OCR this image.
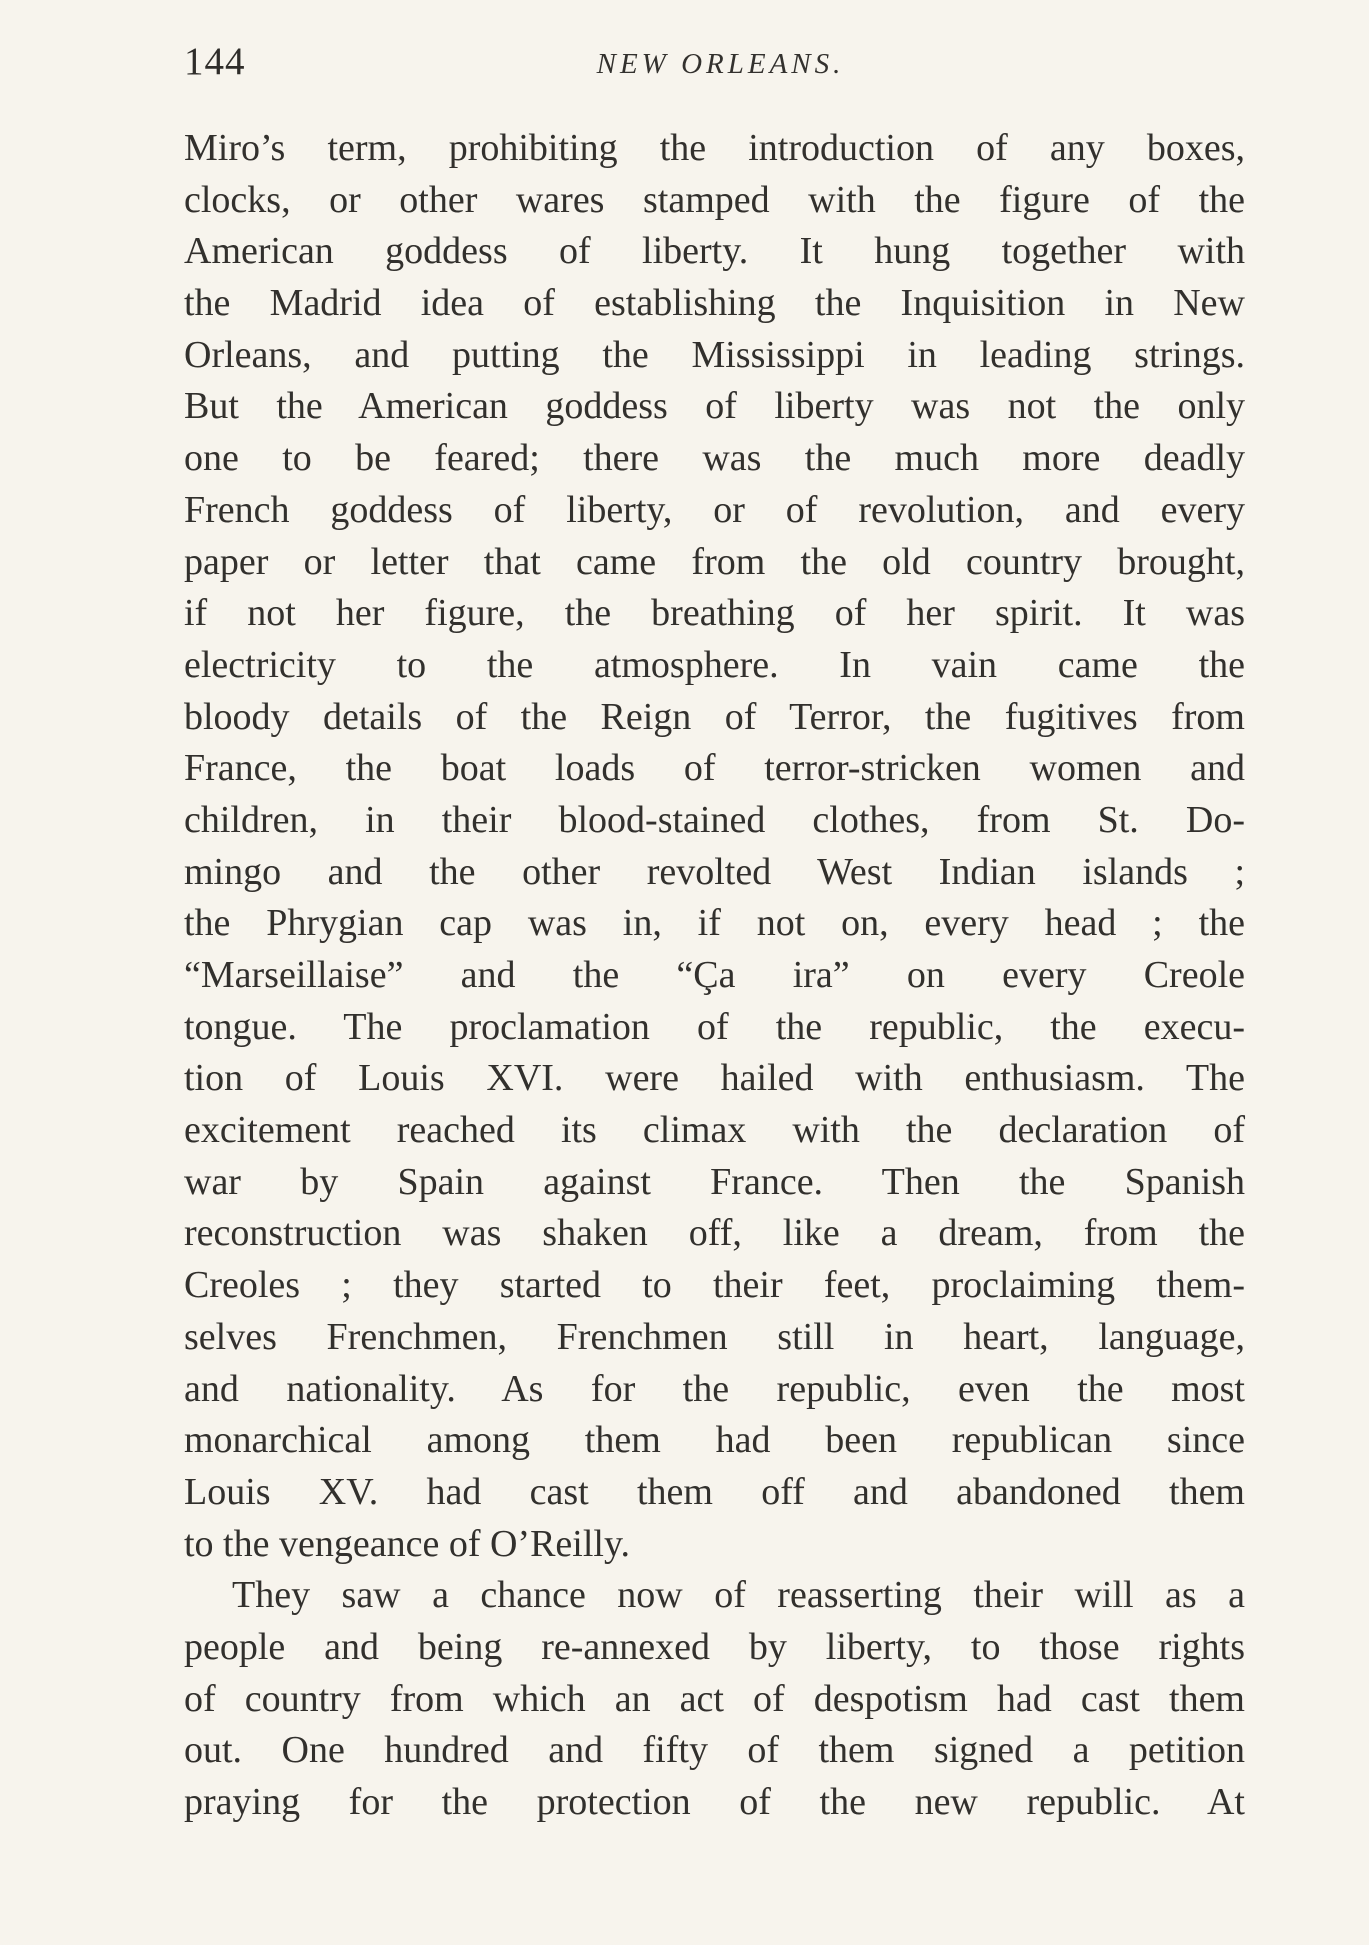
144	NEW ORLEANS.
Miro’s term, prohibiting the introduction of any boxes,
clocks, or other wares stamped with the figure of the
American goddess of liberty. It hung together with
the Madrid idea of establishing the Inquisition in New
Orleans, and putting the Mississippi in leading strings.
But the American goddess of liberty was not the only
one to be feared; there was the much more deadly
French goddess of liberty, or of revolution, and every
paper or letter that came from the old country brought,
if not her figure, the breathing of her spirit. It was
electricity to the atmosphere. In vain came the
bloody details of the Reign of Terror, the fugitives from
France, the boat loads of terror-stricken women and
children, in their blood-stained clothes, from St. Do-
mingo and the other revolted West Indian islands ;
the Phrygian cap was in, if not on, every head ; the
“Marseillaise” and the “Ça ira” on every Creole
tongue. The proclamation of the republic, the execu-
tion of Louis XVI. were hailed with enthusiasm. The
excitement reached its climax with the declaration of
war by Spain against France. Then the Spanish
reconstruction was shaken off, like a dream, from the
Creoles ; they started to their feet, proclaiming them-
selves Frenchmen, Frenchmen still in heart, language,
and nationality. As for the republic, even the most
monarchical among them had been republican since
Louis XV. had cast them off and abandoned them
to the vengeance of O’Reilly.
They saw a chance now of reasserting their will as a
people and being re-annexed by liberty, to those rights
of country from which an act of despotism had cast them
out. One hundred and fifty of them signed a petition
praying for the protection of the new republic. At
